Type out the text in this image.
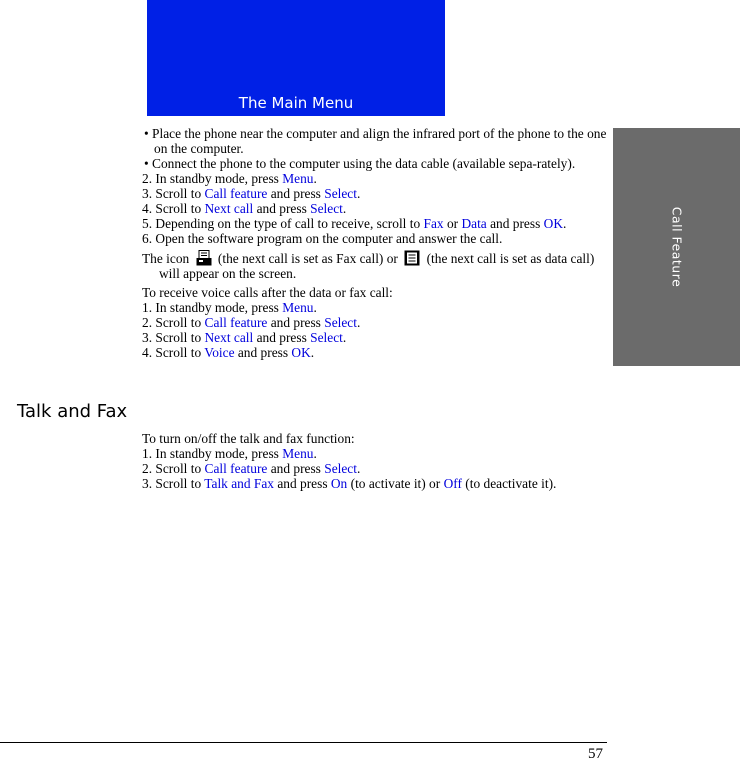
The Main Menu
Call Feature
• Place the phone near the computer and align the infrared port of the phone to the one on the computer.
• Connect the phone to the computer using the data cable (available sepa-rately).
2. In standby mode, press Menu.
3. Scroll to Call feature and press Select.
4. Scroll to Next call and press Select.
5. Depending on the type of call to receive, scroll to Fax or Data and press OK.
6. Open the software program on the computer and answer the call.
The icon  (the next call is set as Fax call) or  (the next call is set as data call) will appear on the screen.
To receive voice calls after the data or fax call:
1. In standby mode, press Menu.
2. Scroll to Call feature and press Select.
3. Scroll to Next call and press Select.
4. Scroll to Voice and press OK.
Talk and Fax
To turn on/off the talk and fax function:
1. In standby mode, press Menu.
2. Scroll to Call feature and press Select.
3. Scroll to Talk and Fax and press On (to activate it) or Off (to deactivate it).
57
